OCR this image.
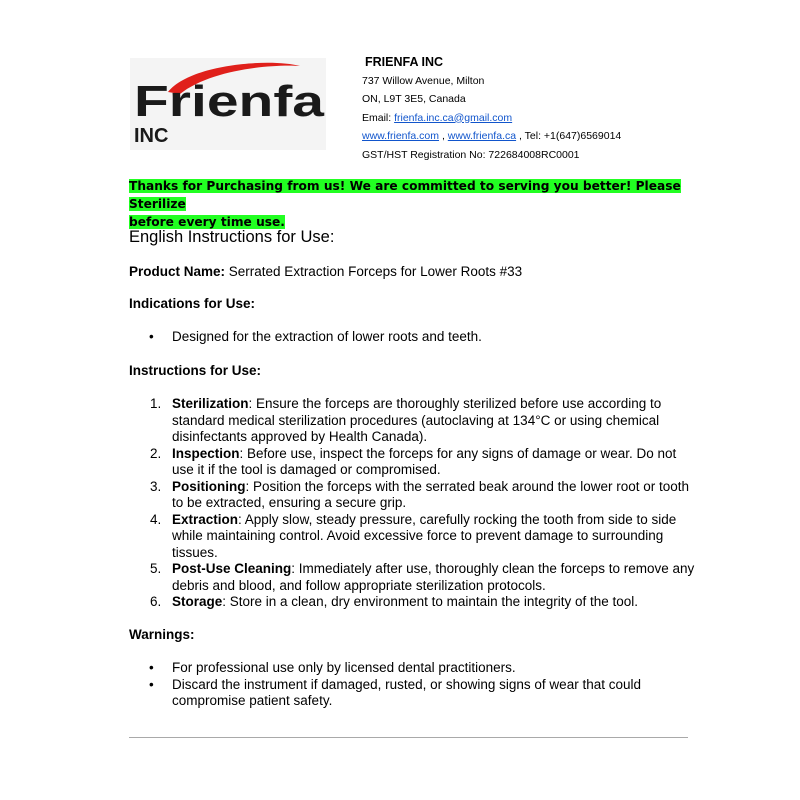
Frienfa
INC
FRIENFA INC
737 Willow Avenue, Milton
ON, L9T 3E5, Canada
Email: frienfa.inc.ca@gmail.com
www.frienfa.com , www.frienfa.ca , Tel: +1(647)6569014
GST/HST Registration No: 722684008RC0001
Thanks for Purchasing from us! We are committed to serving you better! Please Sterilize
before every time use.
English Instructions for Use:
Product Name: Serrated Extraction Forceps for Lower Roots #33
Indications for Use:
•	Designed for the extraction of lower roots and teeth.
Instructions for Use:
1. Sterilization: Ensure the forceps are thoroughly sterilized before use according to standard medical sterilization procedures (autoclaving at 134°C or using chemical disinfectants approved by Health Canada).
2. Inspection: Before use, inspect the forceps for any signs of damage or wear. Do not use it if the tool is damaged or compromised.
3. Positioning: Position the forceps with the serrated beak around the lower root or tooth to be extracted, ensuring a secure grip.
4. Extraction: Apply slow, steady pressure, carefully rocking the tooth from side to side while maintaining control. Avoid excessive force to prevent damage to surrounding tissues.
5. Post-Use Cleaning: Immediately after use, thoroughly clean the forceps to remove any debris and blood, and follow appropriate sterilization protocols.
6. Storage: Store in a clean, dry environment to maintain the integrity of the tool.
Warnings:
•	For professional use only by licensed dental practitioners.
•	Discard the instrument if damaged, rusted, or showing signs of wear that could compromise patient safety.
